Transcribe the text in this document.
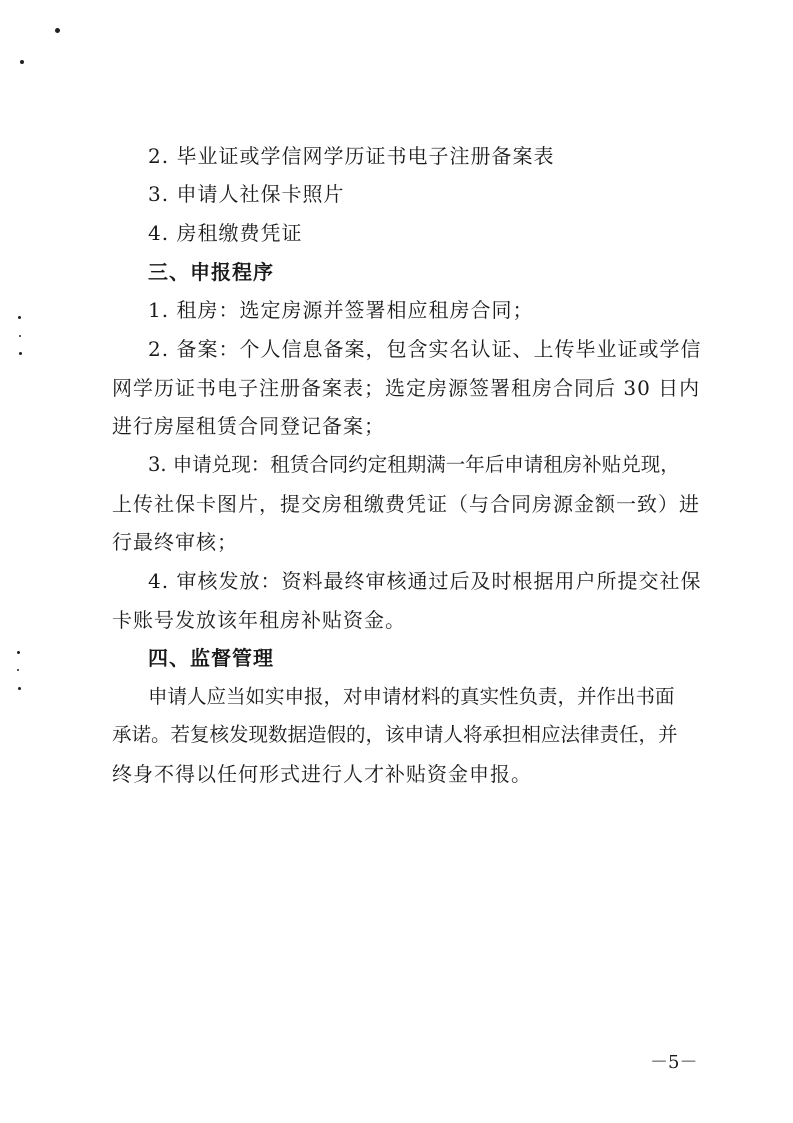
2. 毕业证或学信网学历证书电子注册备案表
3. 申请人社保卡照片
4. 房租缴费凭证
三、申报程序
1. 租房：选定房源并签署相应租房合同；
2. 备案：个人信息备案，包含实名认证、上传毕业证或学信
网学历证书电子注册备案表；选定房源签署租房合同后 30 日内
进行房屋租赁合同登记备案；
3. 申请兑现：租赁合同约定租期满一年后申请租房补贴兑现，
上传社保卡图片，提交房租缴费凭证（与合同房源金额一致）进
行最终审核；
4. 审核发放：资料最终审核通过后及时根据用户所提交社保
卡账号发放该年租房补贴资金。
四、监督管理
申请人应当如实申报，对申请材料的真实性负责，并作出书面
承诺。若复核发现数据造假的，该申请人将承担相应法律责任，并
终身不得以任何形式进行人才补贴资金申报。
－5－
